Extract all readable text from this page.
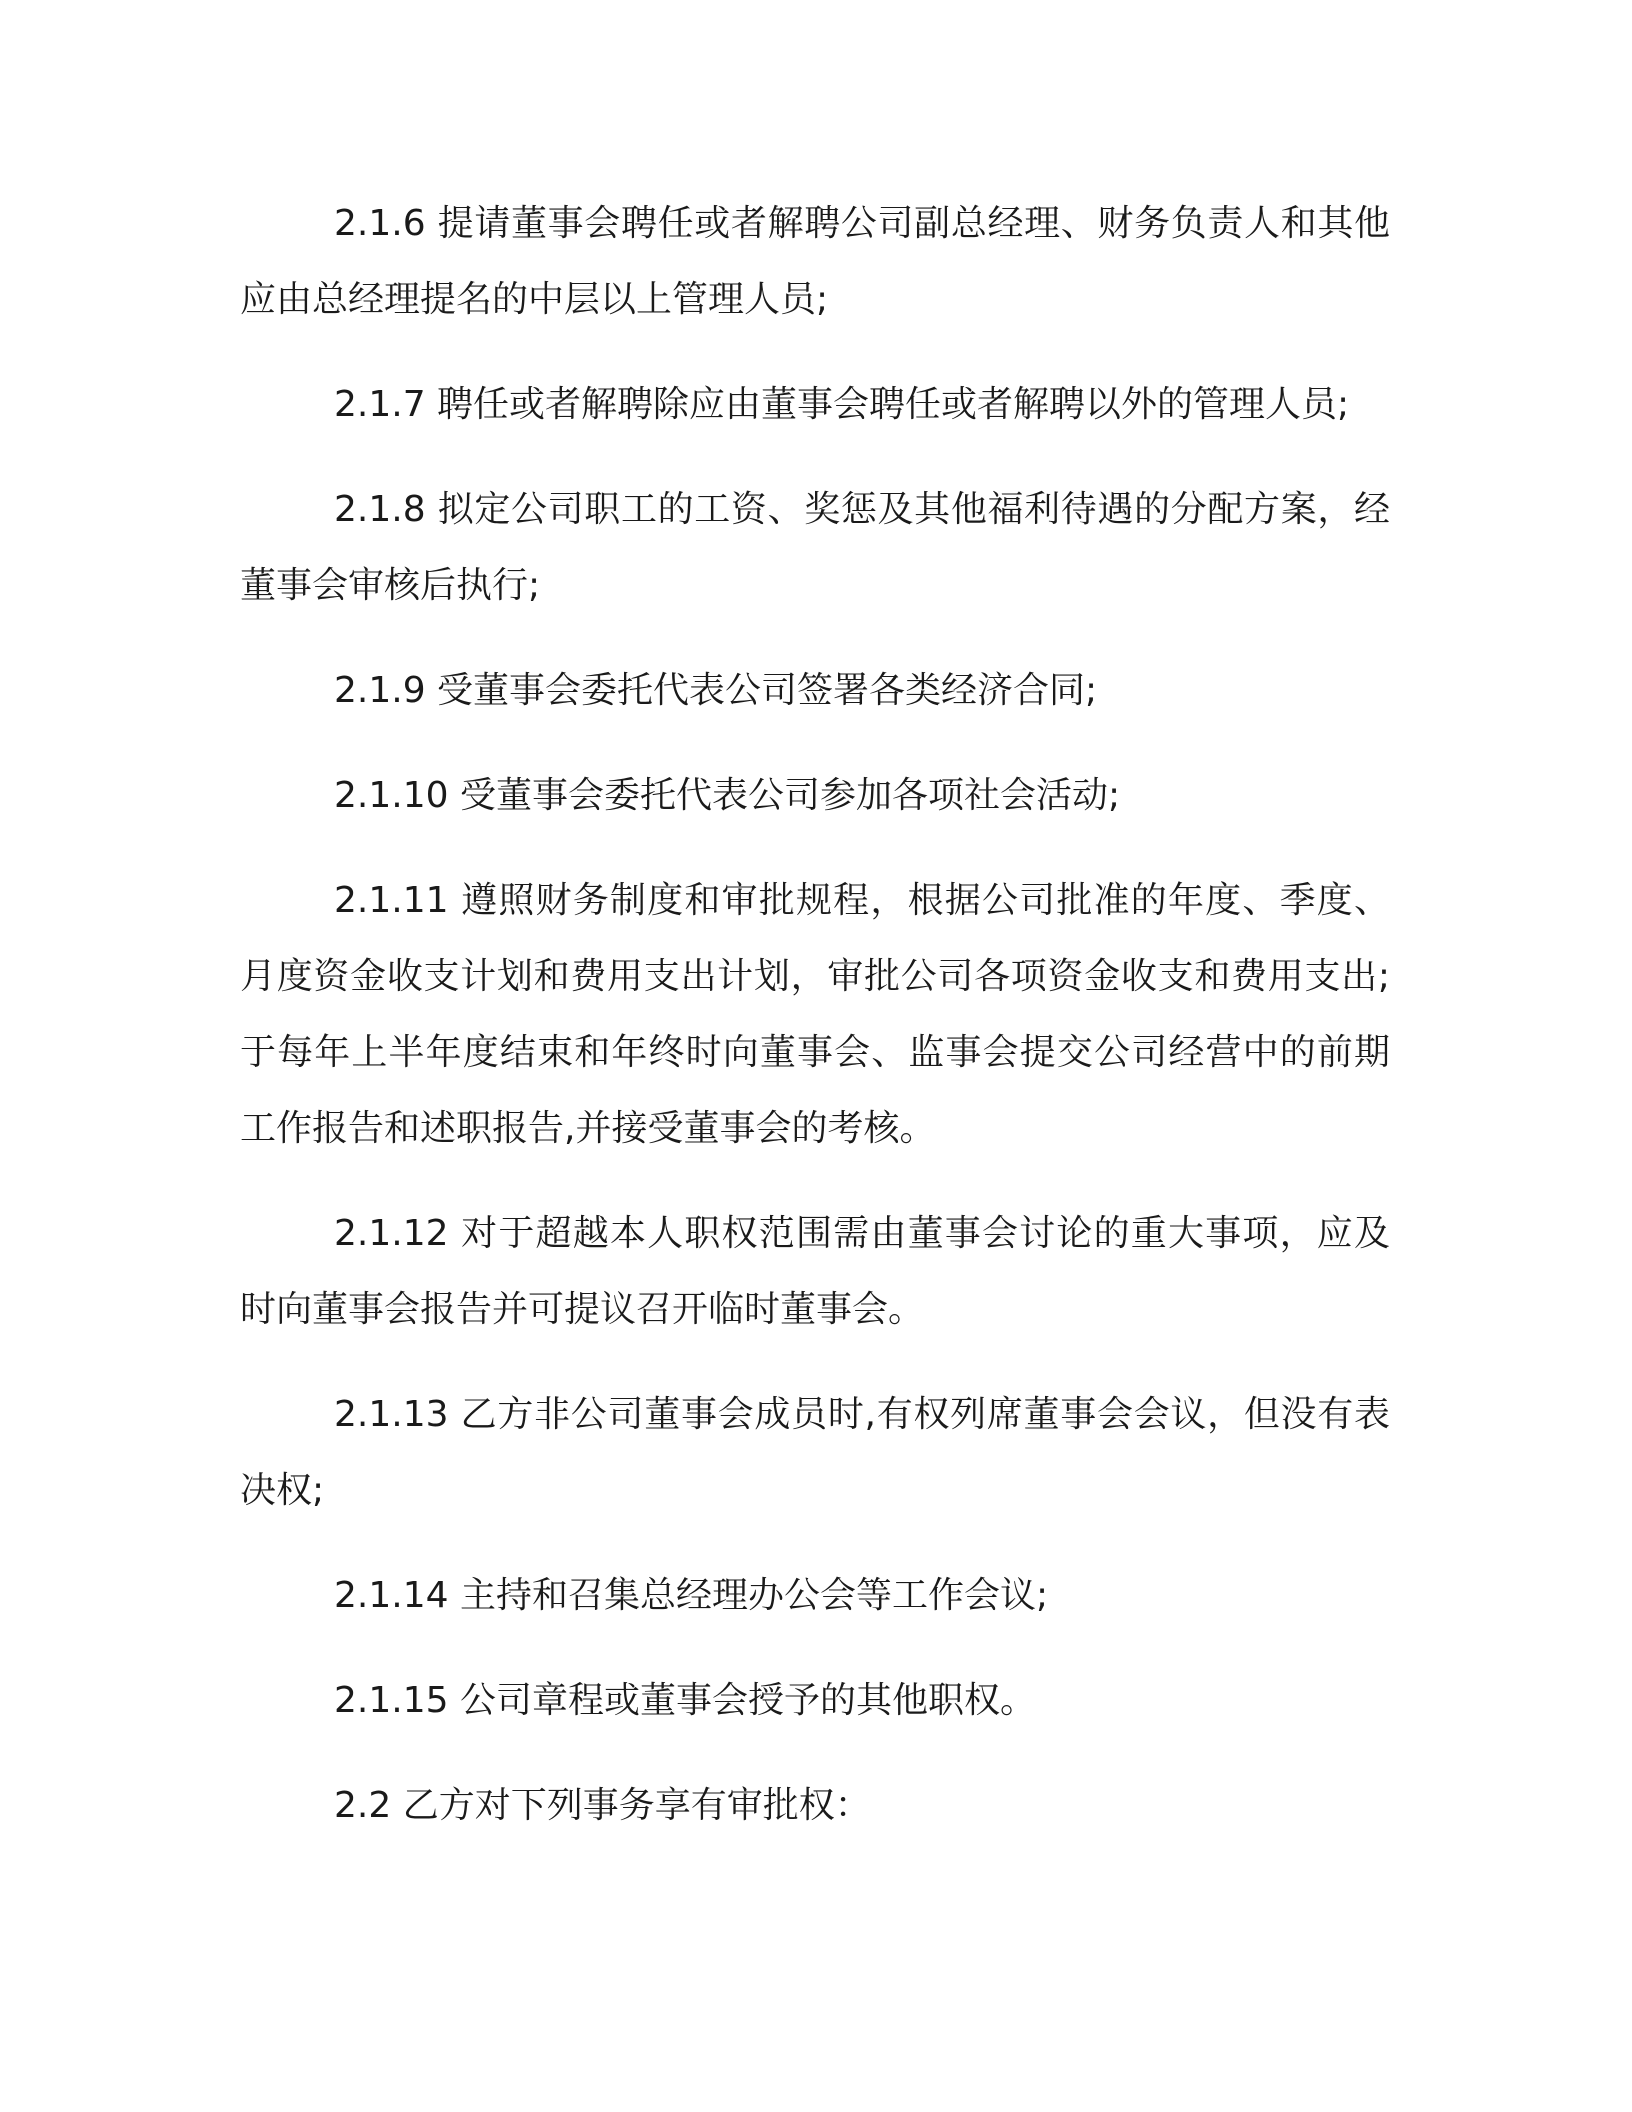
2.1.6 提请董事会聘任或者解聘公司副总经理、财务负责人和其他应由总经理提名的中层以上管理人员;

2.1.7 聘任或者解聘除应由董事会聘任或者解聘以外的管理人员;

2.1.8 拟定公司职工的工资、奖惩及其他福利待遇的分配方案，经董事会审核后执行;

2.1.9 受董事会委托代表公司签署各类经济合同;

2.1.10 受董事会委托代表公司参加各项社会活动;

2.1.11 遵照财务制度和审批规程，根据公司批准的年度、季度、月度资金收支计划和费用支出计划，审批公司各项资金收支和费用支出;于每年上半年度结束和年终时向董事会、监事会提交公司经营中的前期工作报告和述职报告,并接受董事会的考核。

2.1.12 对于超越本人职权范围需由董事会讨论的重大事项，应及时向董事会报告并可提议召开临时董事会。

2.1.13 乙方非公司董事会成员时,有权列席董事会会议，但没有表决权;

2.1.14 主持和召集总经理办公会等工作会议;

2.1.15 公司章程或董事会授予的其他职权。

2.2 乙方对下列事务享有审批权：
